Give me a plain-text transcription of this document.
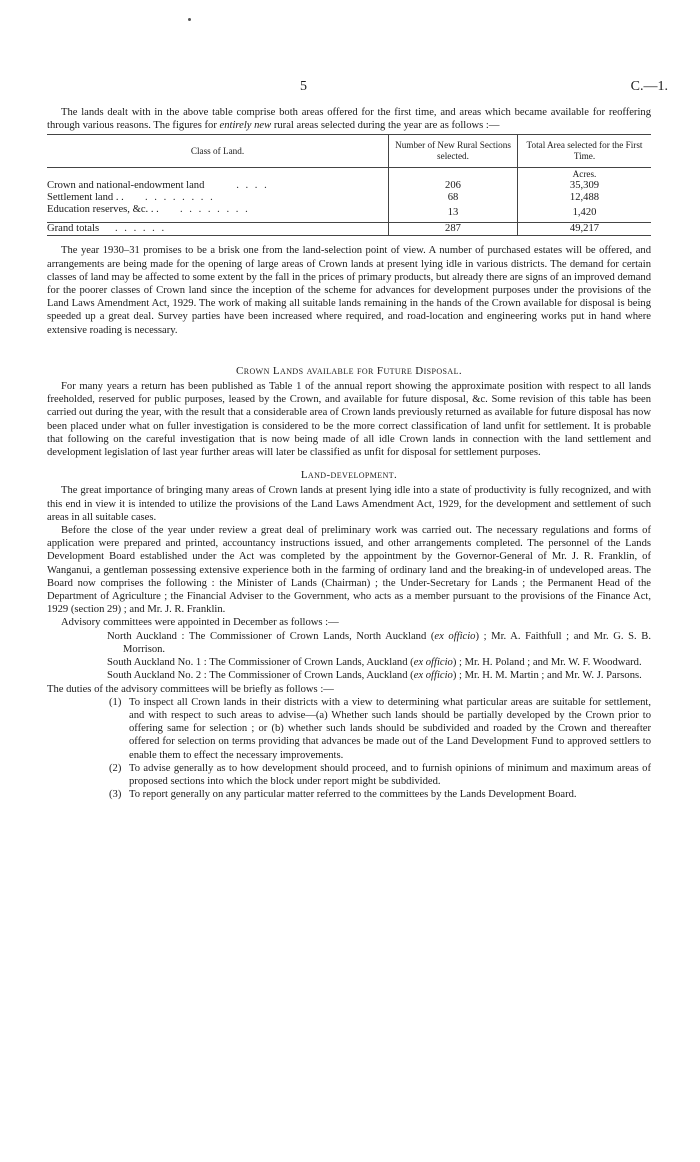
5	C.—1.

The lands dealt with in the above table comprise both areas offered for the first time, and areas which became available for reoffering through various reasons. The figures for entirely new rural areas selected during the year are as follows :—

Class of Land.	Number of New Rural Sections selected.	Total Area selected for the First Time.
		Acres.
Crown and national-endowment land . . . .	206	35,309
Settlement land . . . . . . . . . .	68	12,488
Education reserves, &c. . . . . . . . . . .	13	1,420
Grand totals . . . . . .	287	49,217

The year 1930–31 promises to be a brisk one from the land-selection point of view. A number of purchased estates will be offered, and arrangements are being made for the opening of large areas of Crown lands at present lying idle in various districts. The demand for certain classes of land may be affected to some extent by the fall in the prices of primary products, but already there are signs of an improved demand for the poorer classes of Crown land since the inception of the scheme for advances for development purposes under the provisions of the Land Laws Amendment Act, 1929. The work of making all suitable lands remaining in the hands of the Crown available for disposal is being speeded up a great deal. Survey parties have been increased where required, and road-location and engineering works put in hand where extensive roading is necessary.

Crown Lands available for Future Disposal.

For many years a return has been published as Table 1 of the annual report showing the approximate position with respect to all lands freeholded, reserved for public purposes, leased by the Crown, and available for future disposal, &c. Some revision of this table has been carried out during the year, with the result that a considerable area of Crown lands previously returned as available for future disposal has now been placed under what on fuller investigation is considered to be the more correct classification of land unfit for settlement. It is probable that following on the careful investigation that is now being made of all idle Crown lands in connection with the land settlement and development legislation of last year further areas will later be classified as unfit for disposal for settlement purposes.

Land-development.

The great importance of bringing many areas of Crown lands at present lying idle into a state of productivity is fully recognized, and with this end in view it is intended to utilize the provisions of the Land Laws Amendment Act, 1929, for the development and settlement of such areas in all suitable cases.

Before the close of the year under review a great deal of preliminary work was carried out. The necessary regulations and forms of application were prepared and printed, accountancy instructions issued, and other arrangements completed. The personnel of the Lands Development Board established under the Act was completed by the appointment by the Governor-General of Mr. J. R. Franklin, of Wanganui, a gentleman possessing extensive experience both in the farming of ordinary land and the breaking-in of undeveloped areas. The Board now comprises the following : the Minister of Lands (Chairman) ; the Under-Secretary for Lands ; the Permanent Head of the Department of Agriculture ; the Financial Adviser to the Government, who acts as a member pursuant to the provisions of the Finance Act, 1929 (section 29) ; and Mr. J. R. Franklin.

Advisory committees were appointed in December as follows :—

North Auckland : The Commissioner of Crown Lands, North Auckland (ex officio) ; Mr. A. Faithfull ; and Mr. G. S. B. Morrison.

South Auckland No. 1 : The Commissioner of Crown Lands, Auckland (ex officio) ; Mr. H. Poland ; and Mr. W. F. Woodward.

South Auckland No. 2 : The Commissioner of Crown Lands, Auckland (ex officio) ; Mr. H. M. Martin ; and Mr. W. J. Parsons.

The duties of the advisory committees will be briefly as follows :—

(1) To inspect all Crown lands in their districts with a view to determining what particular areas are suitable for settlement, and with respect to such areas to advise—(a) Whether such lands should be partially developed by the Crown prior to offering same for selection ; or (b) whether such lands should be subdivided and roaded by the Crown and thereafter offered for selection on terms providing that advances be made out of the Land Development Fund to approved settlers to enable them to effect the necessary improvements.

(2) To advise generally as to how development should proceed, and to furnish opinions of minimum and maximum areas of proposed sections into which the block under report might be subdivided.

(3) To report generally on any particular matter referred to the committees by the Lands Development Board.
